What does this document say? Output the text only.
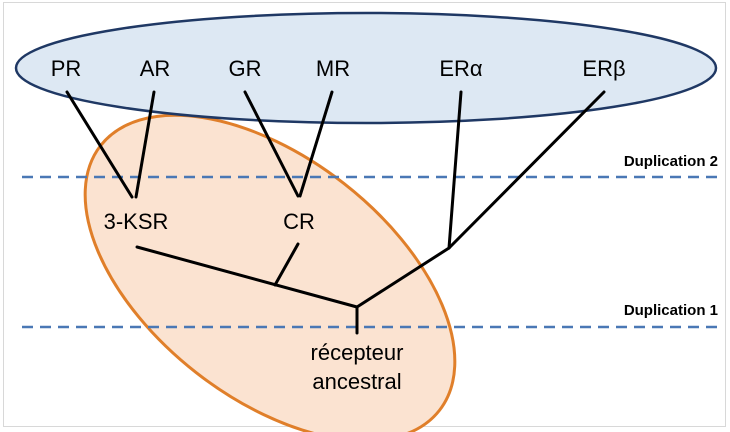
PR	AR	GR MR	ERα	ERβ
3-KSR	CR
récepteur
ancestral
Duplication 2
Duplication 1
